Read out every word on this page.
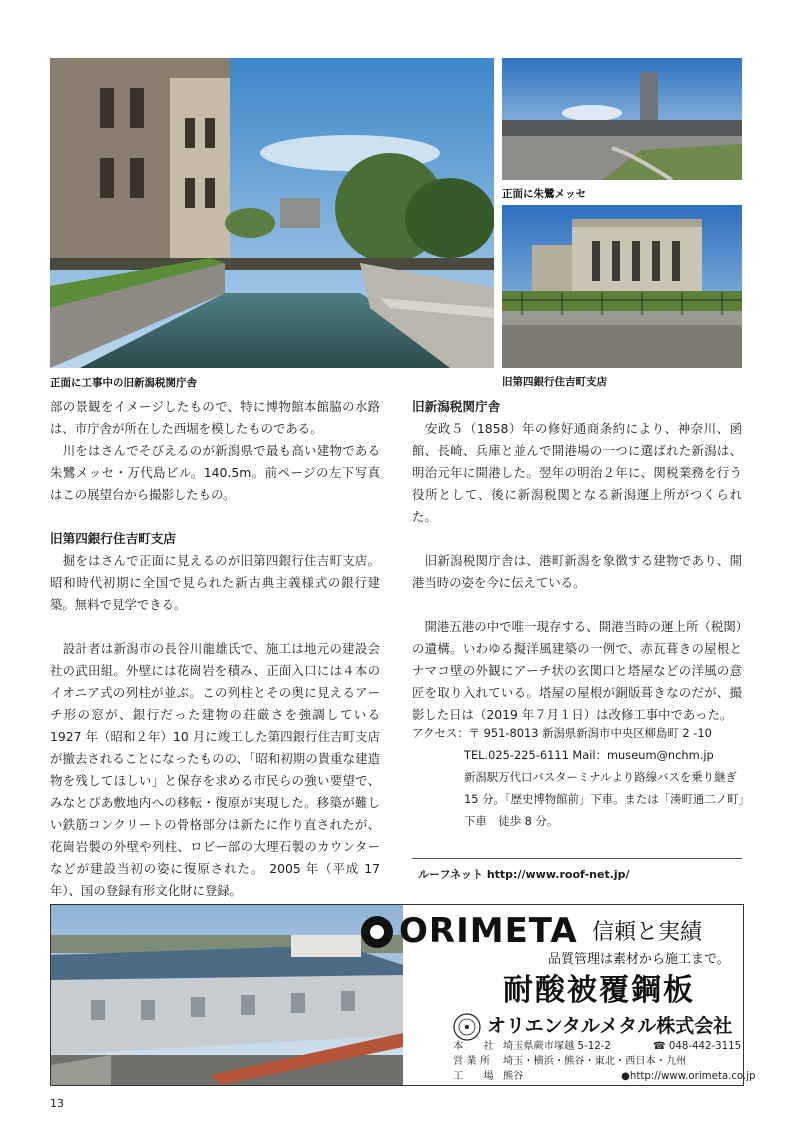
正面に工事中の旧新潟税関庁舎
正面に朱鷺メッセ
旧第四銀行住吉町支店

部の景観をイメージしたもので、特に博物館本館脇の水路は、市庁舎が所在した西堀を模したものである。

　川をはさんでそびえるのが新潟県で最も高い建物である朱鷺メッセ・万代島ビル。140.5m。前ページの左下写真はこの展望台から撮影したもの。

旧第四銀行住吉町支店

　掘をはさんで正面に見えるのが旧第四銀行住吉町支店。昭和時代初期に全国で見られた新古典主義様式の銀行建築。無料で見学できる。

　設計者は新潟市の長谷川龍雄氏で、施工は地元の建設会社の武田組。外壁には花崗岩を積み、正面入口には４本のイオニア式の列柱が並ぶ。この列柱とその奥に見えるアーチ形の窓が、銀行だった建物の荘厳さを強調している 1927 年（昭和２年）10 月に竣工した第四銀行住吉町支店が撤去されることになったものの、「昭和初期の貴重な建造物を残してほしい」と保存を求める市民らの強い要望で、みなとぴあ敷地内への移転・復原が実現した。移築が難しい鉄筋コンクリートの骨格部分は新たに作り直されたが、花崗岩製の外壁や列柱、ロビー部の大理石製のカウンターなどが建設当初の姿に復原された。 2005 年（平成 17 年）、国の登録有形文化財に登録。

旧新潟税関庁舎

　安政５（1858）年の修好通商条約により、神奈川、函館、長崎、兵庫と並んで開港場の一つに選ばれた新潟は、明治元年に開港した。翌年の明治２年に、関税業務を行う役所として、後に新潟税関となる新潟運上所がつくられた。

　旧新潟税関庁舎は、港町新潟を象徴する建物であり、開港当時の姿を今に伝えている。

　開港五港の中で唯一現存する、開港当時の運上所（税関）の遺構。いわゆる擬洋風建築の一例で、赤瓦葺きの屋根とナマコ壁の外観にアーチ状の玄関口と塔屋などの洋風の意匠を取り入れている。塔屋の屋根が銅版葺きなのだが、撮影した日は（2019 年７月１日）は改修工事中であった。

アクセス：〒 951-8013 新潟県新潟市中央区柳島町 2 -10
TEL.025-225-6111 Mail：museum@nchm.jp
新潟駅万代口バスターミナルより路線バスを乗り継ぎ
15 分。「歴史博物館前」下車。または「湊町通二ノ町」
下車　徒歩 8 分。
ルーフネット http://www.roof-net.jp/
ORIMETA 信頼と実績
品質管理は素材から施工まで。
耐酸被覆鋼板
オリエンタルメタル株式会社
本　　社 埼玉県蕨市塚越 5-12-2	☎ 048-442-3115
営 業 所 埼玉・横浜・熊谷・東北・西日本・九州
工　　場 熊谷	●http://www.orimeta.co.jp
13
